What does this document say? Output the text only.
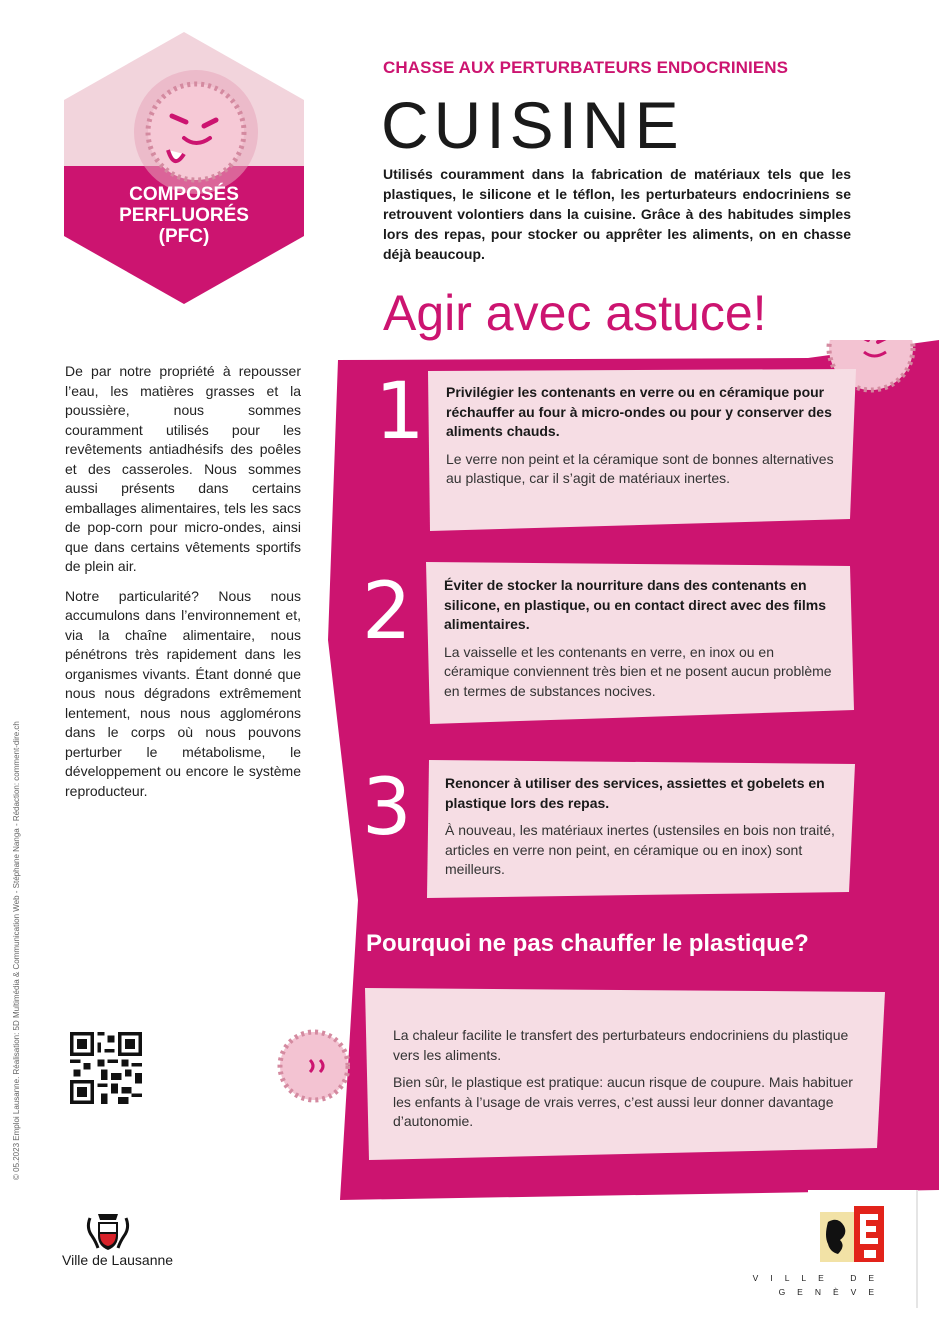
COMPOSÉS
PERFLUORÉS
(PFC)
CHASSE AUX PERTURBATEURS ENDOCRINIENS
CUISINE
Utilisés couramment dans la fabrication de matériaux tels que les plastiques, le silicone et le téflon, les perturbateurs endocriniens se retrouvent volontiers dans la cuisine. Grâce à des habitudes simples lors des repas, pour stocker ou apprêter les aliments, on en chasse déjà beaucoup.
Agir avec astuce!

De par notre propriété à repousser l’eau, les matières grasses et la poussière, nous sommes couramment utilisés pour les revêtements antiadhésifs des poêles et des casseroles. Nous sommes aussi présents dans certains emballages alimentaires, tels les sacs de pop-corn pour micro-ondes, ainsi que dans certains vêtements sportifs de plein air.

Notre particularité? Nous nous accumulons dans l’environnement et, via la chaîne alimentaire, nous pénétrons très rapidement dans les organismes vivants. Étant donné que nous nous dégradons extrêmement lentement, nous nous agglomérons dans le corps où nous pouvons perturber le métabolisme, le développement ou encore le système reproducteur.

© 05.2023 Emploi Lausanne. Réalisation: 5D Multimédia & Communication Web - Stéphane Nanga - Rédaction: comment-dire.ch
1
2
3
Privilégier les contenants en verre ou en céramique pour réchauffer au four à micro-ondes ou pour y conserver des aliments chauds.
Le verre non peint et la céramique sont de bonnes alternatives au plastique, car il s’agit de matériaux inertes.
Éviter de stocker la nourriture dans des contenants en silicone, en plastique, ou en contact direct avec des films alimentaires.
La vaisselle et les contenants en verre, en inox ou en céramique conviennent très bien et ne posent aucun problème en termes de substances nocives.
Renoncer à utiliser des services, assiettes et gobelets en plastique lors des repas.
À nouveau, les matériaux inertes (ustensiles en bois non traité, articles en verre non peint, en céramique ou en inox) sont meilleurs.
Pourquoi ne pas chauffer le plastique?

La chaleur facilite le transfert des perturbateurs endocriniens du plastique vers les aliments.

Bien sûr, le plastique est pratique: aucun risque de coupure. Mais habituer les enfants à l’usage de vrais verres, c’est aussi leur donner davantage d’autonomie.

Ville de Lausanne
VILLE DE
GENÈVE
